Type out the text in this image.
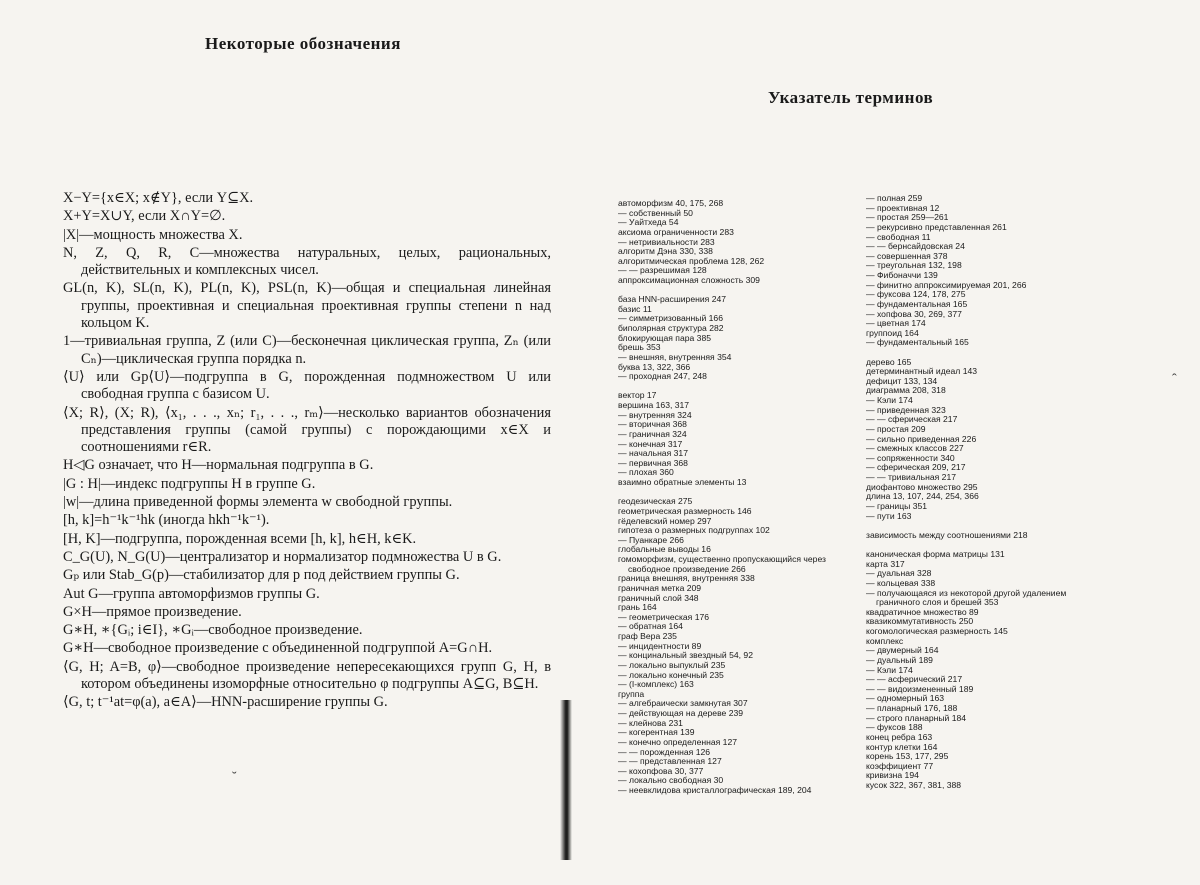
Некоторые обозначения
X−Y={x∈X; x∉Y}, если Y⊆X.
X+Y=X∪Y, если X∩Y=∅.
|X|—мощность множества X.
N, Z, Q, R, C—множества натуральных, целых, рациональных, действительных и комплексных чисел.
GL(n, K), SL(n, K), PL(n, K), PSL(n, K)—общая и специальная линейная группы, проективная и специальная проективная группы степени n над кольцом K.
1—тривиальная группа, Z (или C)—бесконечная циклическая группа, Zₙ (или Cₙ)—циклическая группа порядка n.
⟨U⟩ или Gp⟨U⟩—подгруппа в G, порожденная подмножеством U или свободная группа с базисом U.
⟨X; R⟩, (X; R), ⟨x₁, . . ., xₙ; r₁, . . ., rₘ⟩—несколько вариантов обозначения представления группы (самой группы) с порождающими x∈X и соотношениями r∈R.
H◁G означает, что H—нормальная подгруппа в G.
|G : H|—индекс подгруппы H в группе G.
|w|—длина приведенной формы элемента w свободной группы.
[h, k]=h⁻¹k⁻¹hk (иногда hkh⁻¹k⁻¹).
[H, K]—подгруппа, порожденная всеми [h, k], h∈H, k∈K.
C_G(U), N_G(U)—централизатор и нормализатор подмножества U в G.
Gₚ или Stab_G(p)—стабилизатор для p под действием группы G.
Aut G—группа автоморфизмов группы G.
G×H—прямое произведение.
G∗H, ∗{Gᵢ; i∈I}, ∗Gᵢ—свободное произведение.
G∗H—свободное произведение с объединенной подгруппой A=G∩H.
⟨G, H; A=B, φ⟩—свободное произведение непересекающихся групп G, H, в котором объединены изоморфные относительно φ подгруппы A⊆G, B⊆H.
⟨G, t; t⁻¹at=φ(a), a∈A⟩—HNN-расширение группы G.
˘
Указатель терминов
автоморфизм 40, 175, 268
— собственный 50
— Уайтхеда 54
аксиома ограниченности 283
— нетривиальности 283
алгоритм Дэна 330, 338
алгоритмическая проблема 128, 262
— — разрешимая 128
аппроксимационная сложность 309
база HNN-расширения 247
базис 11
— симметризованный 166
биполярная структура 282
блокирующая пара 385
брешь 353
— внешняя, внутренняя 354
буква 13, 322, 366
— проходная 247, 248
вектор 17
вершина 163, 317
— внутренняя 324
— вторичная 368
— граничная 324
— конечная 317
— начальная 317
— первичная 368
— плохая 360
взаимно обратные элементы 13
геодезическая 275
геометрическая размерность 146
гёделевский номер 297
гипотеза о размерных подгруппах 102
— Пуанкаре 266
глобальные выводы 16
гомоморфизм, существенно пропускающийся через свободное произведение 266
граница внешняя, внутренняя 338
граничная метка 209
граничный слой 348
грань 164
— геометрическая 176
— обратная 164
граф Вера 235
— инцидентности 89
— концинальный звездный 54, 92
— локально выпуклый 235
— локально конечный 235
— (I-комплекс) 163
группа
— алгебраически замкнутая 307
— действующая на дереве 239
— клейнова 231
— когерентная 139
— конечно определенная 127
— — порожденная 126
— — представленная 127
— кохопфова 30, 377
— локально свободная 30
— неевклидова кристаллографическая 189, 204
— полная 259
— проективная 12
— простая 259—261
— рекурсивно представленная 261
— свободная 11
— — бернсайдовская 24
— совершенная 378
— треугольная 132, 198
— Фибоначчи 139
— финитно аппроксимируемая 201, 266
— фуксова 124, 178, 275
— фундаментальная 165
— хопфова 30, 269, 377
— цветная 174
группоид 164
— фундаментальный 165
дерево 165
детерминантный идеал 143
дефицит 133, 134
диаграмма 208, 318
— Кэли 174
— приведенная 323
— — сферическая 217
— простая 209
— сильно приведенная 226
— смежных классов 227
— сопряженности 340
— сферическая 209, 217
— — тривиальная 217
диофантово множество 295
длина 13, 107, 244, 254, 366
— границы 351
— пути 163
зависимость между соотношениями 218
каноническая форма матрицы 131
карта 317
— дуальная 328
— кольцевая 338
— получающаяся из некоторой другой удалением граничного слоя и брешей 353
квадратичное множество 89
квазикоммутативность 250
когомологическая размерность 145
комплекс
— двумерный 164
— дуальный 189
— Кэли 174
— — асферический 217
— — видоизмененный 189
— одномерный 163
— планарный 176, 188
— строго планарный 184
— фуксов 188
конец ребра 163
контур клетки 164
корень 153, 177, 295
коэффициент 77
кривизна 194
кусок 322, 367, 381, 388
ˆ
